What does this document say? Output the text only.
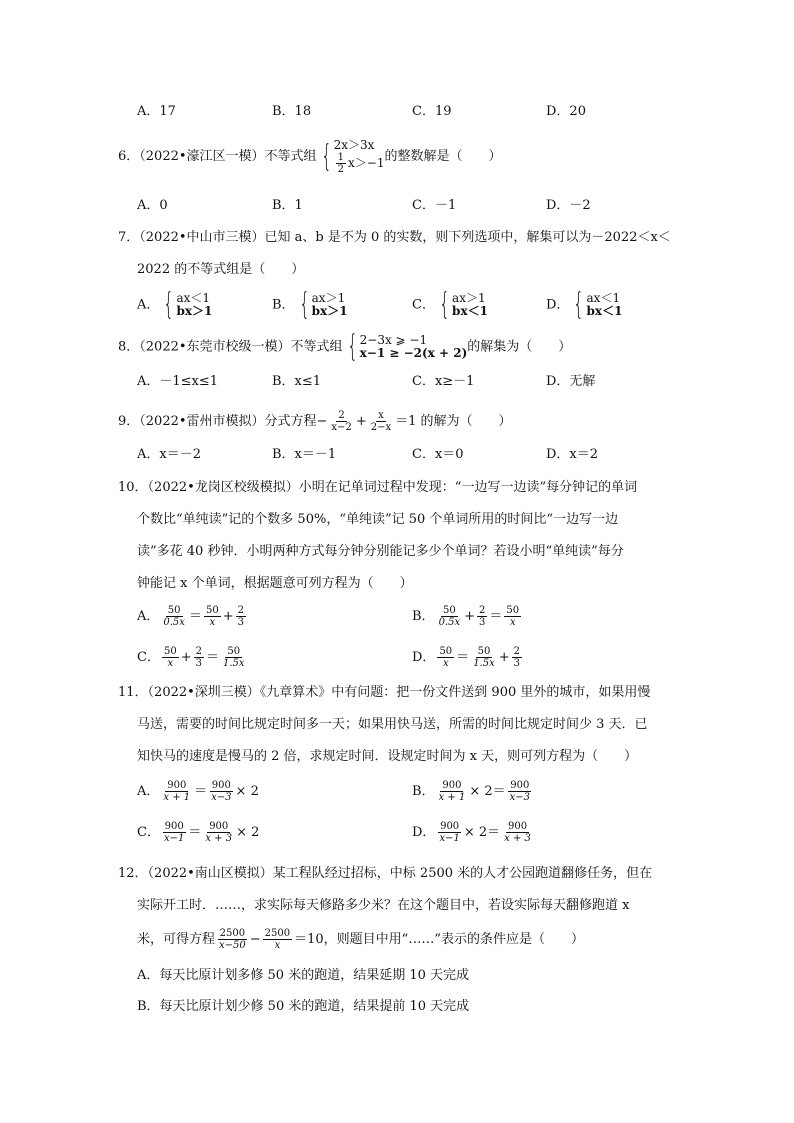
A．17	B．18	C．19	D．20
6．（2022•濠江区一模）不等式组 { 2x＞3x
$\frac{1}{2} x>-1$ 的整数解是（　　）
A．0	B．1	C．－1	D．－2
7．（2022•中山市三模）已知 a、b 是不为 0 的实数，则下列选项中，解集可以为－2022＜x＜
2022 的不等式组是（　　）
A． { ax＜1
bx＞1	B． { ax＞1
bx＞1	C． { ax＞1
bx＜1	D． { ax＜1
bx＜1
8．（2022•东莞市校级一模）不等式组 { 2−3x ⩾ −1
x−1 ≥ −2(x + 2) 的解集为（　　）
A．－1≤x≤1	B．x≤1	C．x≥－1	D．无解
9．（2022•雷州市模拟）分式方程− $\frac{2}{x-2} + \frac{x}{2-x} =1$ 的解为（　　）
A．x＝－2	B．x＝－1	C．x＝0	D．x＝2
10．（2022•龙岗区校级模拟）小明在记单词过程中发现：“一边写一边读”每分钟记的单词
个数比“单纯读”记的个数多 50%，“单纯读”记 50 个单词所用的时间比“一边写一边
读”多花 40 秒钟．小明两种方式每分钟分别能记多少个单词？若设小明“单纯读”每分
钟能记 x 个单词，根据题意可列方程为（　　）
A． $\frac{50}{0.5x} = \frac{50}{x} + \frac{2}{3}$	B． $\frac{50}{0.5x} + \frac{2}{3} = \frac{50}{x}$
C． $\frac{50}{x} + \frac{2}{3} = \frac{50}{1.5x}$	D． $\frac{50}{x} = \frac{50}{1.5x} + \frac{2}{3}$
11．（2022•深圳三模）《九章算术》中有问题：把一份文件送到 900 里外的城市，如果用慢
马送，需要的时间比规定时间多一天；如果用快马送，所需的时间比规定时间少 3 天．已
知快马的速度是慢马的 2 倍，求规定时间．设规定时间为 x 天，则可列方程为（　　）
A． $\frac{900}{x + 1} = \frac{900}{x-3} \times 2$	B． $\frac{900}{x + 1} \times 2= \frac{900}{x-3}$
C． $\frac{900}{x-1} = \frac{900}{x + 3} \times 2$	D． $\frac{900}{x-1} \times 2= \frac{900}{x + 3}$
12．（2022•南山区模拟）某工程队经过招标，中标 2500 米的人才公园跑道翻修任务，但在
实际开工时．……，求实际每天修路多少米？在这个题目中，若设实际每天翻修跑道 x
米，可得方程 $\frac{2500}{x-50} - \frac{2500}{x} =10$，则题目中用“……”表示的条件应是（　　）
A．每天比原计划多修 50 米的跑道，结果延期 10 天完成
B．每天比原计划少修 50 米的跑道，结果提前 10 天完成
